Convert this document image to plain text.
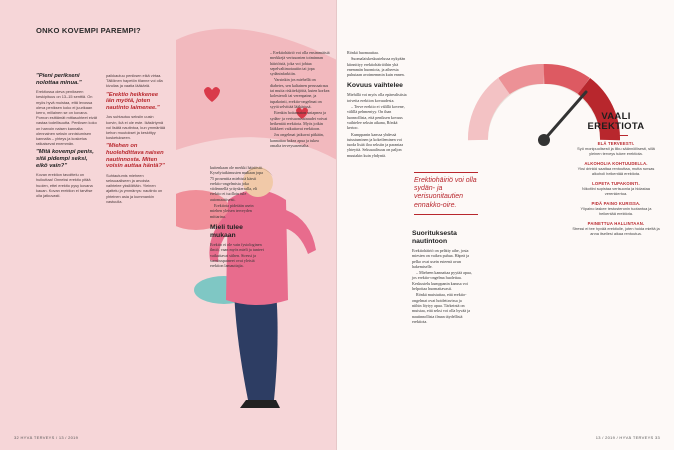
ONKO KOVEMPI PAREMPI?

"Pieni perikseni nolottaa minua."

Erektiossa oleva penikseen keskipituus on 13–15 senttiä. On myös hyvä muistaa, että levossa oleva peniksen koko ei juurikaan kerro, millainen se on kovana. Pornon esittämät mittasuhteet eivät vastaa todellisuutta. Peniksen koko on harvoin naisen kannalta olennainen seksin onnistumisen kannalta – yhteys ja kosketus ratkaisevat enemmän.

"Mitä kovempi penis, sitä pidempi seksi, eikö vain?"

Kovan erektion tavoittelu on huikuttaa! Onneksi erektio pitää huolen, ettei erektio pysy kovana kauan. Kovan erektion ei tarvitse olla jatkuvasti.

paikkautuu peniksen eikä virtaa. Tällöinen hapetön tilanne voi olla kivulias ja vaatia lääkäriä.

"Erektio heikkenee iän myötä, joten nautinto laimenee."

Jos suhtautuu seksiin uusin korvin, ikä ei ole este. Ikäsiirtymä voi lisätä nautintoa, kun ymmärtää kehon muutokset ja keskittyy kosketukseen.

"Miehen on huolehdittava naisen nautinnosta. Miten voisin auttaa häntä?"

Suhtautumis mieheen seksuaaliseen ja arvoista vaihtelee yksilöittäin. Yleinen ajattelu ja ymmärrys: nautinto on yhteinen asia ja kummankin vastuulla.

32 HYVÄ TERVEYS / 13 / 2019

– Erektiohäiriö voi olla ensimmäisiä merkkejä verisuonten toiminnan häiriöistä, joka voi johtaa sepelvaltimotautiin tai jopa sydäninfarktiin.

Varsinkin jos miehellä on diabetes, sen kaltainen perussairaus tai muita riskitekijöitä, kuten korkea kolesteroli tai verenpaine, ja tupakointi, erektio-ongelmat on syytä selvittää lääkärissä.

Etenkin hoitamaton uniapnea ja sydän- ja verisuonisairaudet voivat heikentää erektiota. Myös jotkin lääkkeet vaikuttavat erektioon.

Jos ongelmat jatkuvat pitkään, kannattaa hakea apua ja tukea omalta terveysasemalta.

kuitenkaan ole merkki häiriöstä. Kyselytutkimusten mukaan jopa 75 prosenttia miehistä kärsii erektio-ongelmista joka viidennellä yrityskerralla, eli erektio ei tuolloin tule automaattisesti.

Erektiota pidetään usein miehen yleisen terveyden mittarina.

Mieli tulee mukaan

Erektio ei ole vain fysiologinen ilmiö, vaan myös mieli ja tunteet vaikuttavat siihen. Stressi ja suorituspaineet ovat yleisiä erektion lamauttajia.

13 / 2019 / HYVÄ TERVEYS 33

Rönkä huomauttaa.

Suomalaiskeskustelussa nykyään kiinnittyy erektiohäiriöihin yhä enemmän huomiota, ja aiheesta puhutaan avoimemmin kuin ennen.

Kovuus vaihtelee

Miehillä voi myös olla epärealistisia toiveita erektion kovuudesta.

– Terve erektio ei välillä kovene, välillä pehmentyy. On ihan luonnollista, että peniksen kovuus vaihtelee seksin aikana, Rönkä kertoo.

Kumppanin kanssa yhdessä tutustuminen ja kokeileminen voi tuoda lisää iloa seksiin ja parantaa yhteyttä. Seksuaalisuus on paljon muutakin kuin yhdyntä.

Erektiohäiriö voi olla sydän- ja verisuonitautien ennakko-oire.
Suorituksesta nautintoon

Erektiohäiriö on pelätty aihe, josta miesten on vaikea puhua. Häpeä ja pelko ovat usein esteenä avun hakemiselle.

– Mieheen kannattaa pyytää apua, jos erektio-ongelma huolettaa. Keskustelu kumppanin kanssa voi helpottaa huomattavasti.

Rönkä muistuttaa, että erektio-ongelmat ovat hoidettavissa ja niihin löytyy apua. Tärkeintä on muistaa, että seksi voi olla hyvää ja nautinnollista ilman täydellistä erektiota.

VAALI
EREKTIOTA
ELÄ TERVEESTI.
Syö monipuolisesti ja liiku säännöllisesti, sillä yleinen terveys tukee erektiota.
ALKOHOLIA KOHTUUDELLA.
Yksi drinkki saattaa rentouttaa, mutta runsas alkoholi heikentää erektiota.
LOPETA TUPAKOINTI.
Nikotiini supistaa verisuonia ja hidastaa verenkiertoa.
PIDÄ PAINO KURISSA.
Ylipaino laskee testosteronin tuotantoa ja heikentää erektiota.
PAINETTUA HALLINTAAN.
Stressi ei tee hyvää erektiolle, joten hoida mieltä ja anna itsellesi aikaa rentoutua.
